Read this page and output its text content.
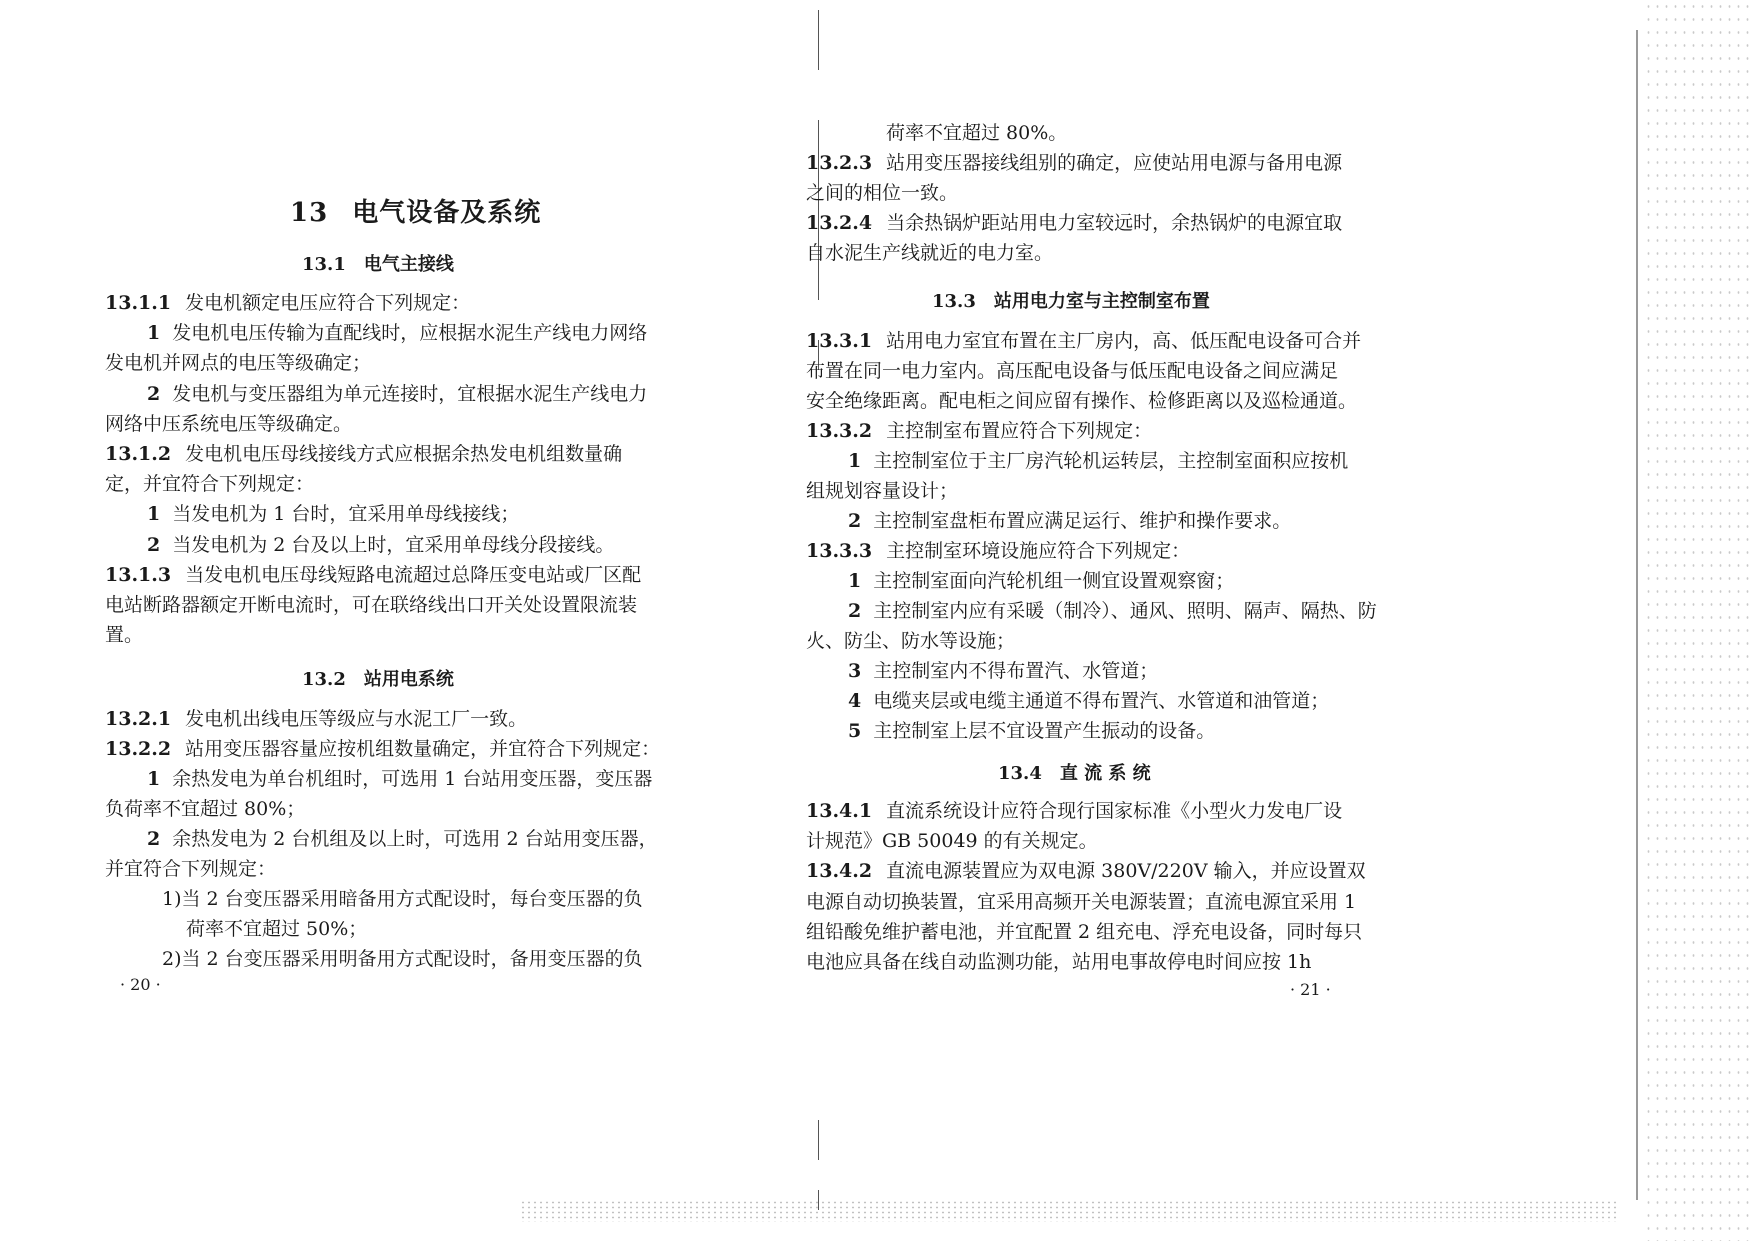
13 电气设备及系统
13.1 电气主接线
13.1.1 发电机额定电压应符合下列规定：
1 发电机电压传输为直配线时，应根据水泥生产线电力网络
发电机并网点的电压等级确定；
2 发电机与变压器组为单元连接时，宜根据水泥生产线电力
网络中压系统电压等级确定。
13.1.2 发电机电压母线接线方式应根据余热发电机组数量确
定，并宜符合下列规定：
1 当发电机为 1 台时，宜采用单母线接线；
2 当发电机为 2 台及以上时，宜采用单母线分段接线。
13.1.3 当发电机电压母线短路电流超过总降压变电站或厂区配
电站断路器额定开断电流时，可在联络线出口开关处设置限流装
置。
13.2 站用电系统
13.2.1 发电机出线电压等级应与水泥工厂一致。
13.2.2 站用变压器容量应按机组数量确定，并宜符合下列规定：
1 余热发电为单台机组时，可选用 1 台站用变压器，变压器
负荷率不宜超过 80%；
2 余热发电为 2 台机组及以上时，可选用 2 台站用变压器，
并宜符合下列规定：
1)当 2 台变压器采用暗备用方式配设时，每台变压器的负
荷率不宜超过 50%；
2)当 2 台变压器采用明备用方式配设时，备用变压器的负
· 20 ·
荷率不宜超过 80%。
13.2.3 站用变压器接线组别的确定，应使站用电源与备用电源
之间的相位一致。
13.2.4 当余热锅炉距站用电力室较远时，余热锅炉的电源宜取
自水泥生产线就近的电力室。
13.3 站用电力室与主控制室布置
13.3.1 站用电力室宜布置在主厂房内，高、低压配电设备可合并
布置在同一电力室内。高压配电设备与低压配电设备之间应满足
安全绝缘距离。配电柜之间应留有操作、检修距离以及巡检通道。
13.3.2 主控制室布置应符合下列规定：
1 主控制室位于主厂房汽轮机运转层，主控制室面积应按机
组规划容量设计；
2 主控制室盘柜布置应满足运行、维护和操作要求。
13.3.3 主控制室环境设施应符合下列规定：
1 主控制室面向汽轮机组一侧宜设置观察窗；
2 主控制室内应有采暖（制冷）、通风、照明、隔声、隔热、防
火、防尘、防水等设施；
3 主控制室内不得布置汽、水管道；
4 电缆夹层或电缆主通道不得布置汽、水管道和油管道；
5 主控制室上层不宜设置产生振动的设备。
13.4 直 流 系 统
13.4.1 直流系统设计应符合现行国家标准《小型火力发电厂设
计规范》GB 50049 的有关规定。
13.4.2 直流电源装置应为双电源 380V/220V 输入，并应设置双
电源自动切换装置，宜采用高频开关电源装置；直流电源宜采用 1
组铅酸免维护蓄电池，并宜配置 2 组充电、浮充电设备，同时每只
电池应具备在线自动监测功能，站用电事故停电时间应按 1h
· 21 ·
